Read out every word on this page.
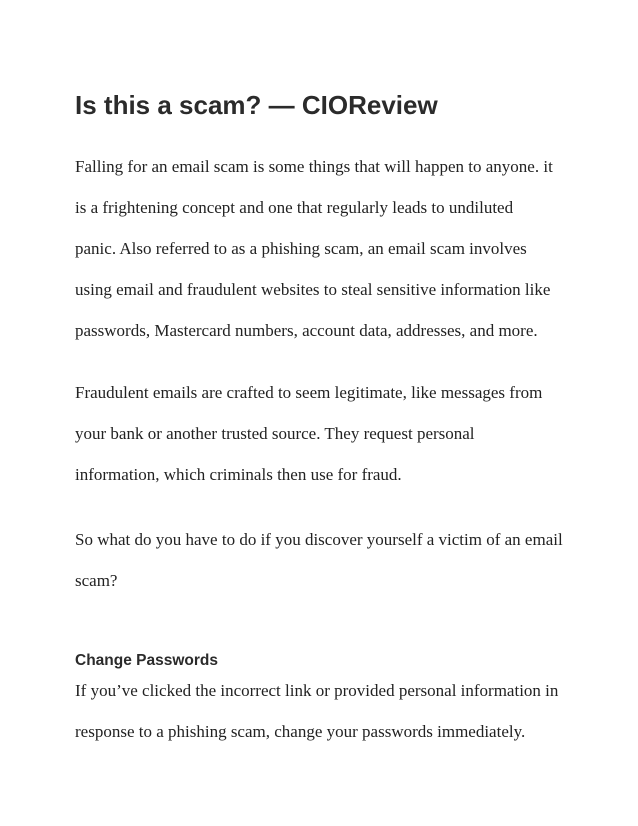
Is this a scam? — CIOReview

Falling for an email scam is some things that will happen to anyone. it
is a frightening concept and one that regularly leads to undiluted
panic. Also referred to as a phishing scam, an email scam involves
using email and fraudulent websites to steal sensitive information like
passwords, Mastercard numbers, account data, addresses, and more.

Fraudulent emails are crafted to seem legitimate, like messages from
your bank or another trusted source. They request personal
information, which criminals then use for fraud.

So what do you have to do if you discover yourself a victim of an email
scam?

Change Passwords

If you’ve clicked the incorrect link or provided personal information in
response to a phishing scam, change your passwords immediately.
